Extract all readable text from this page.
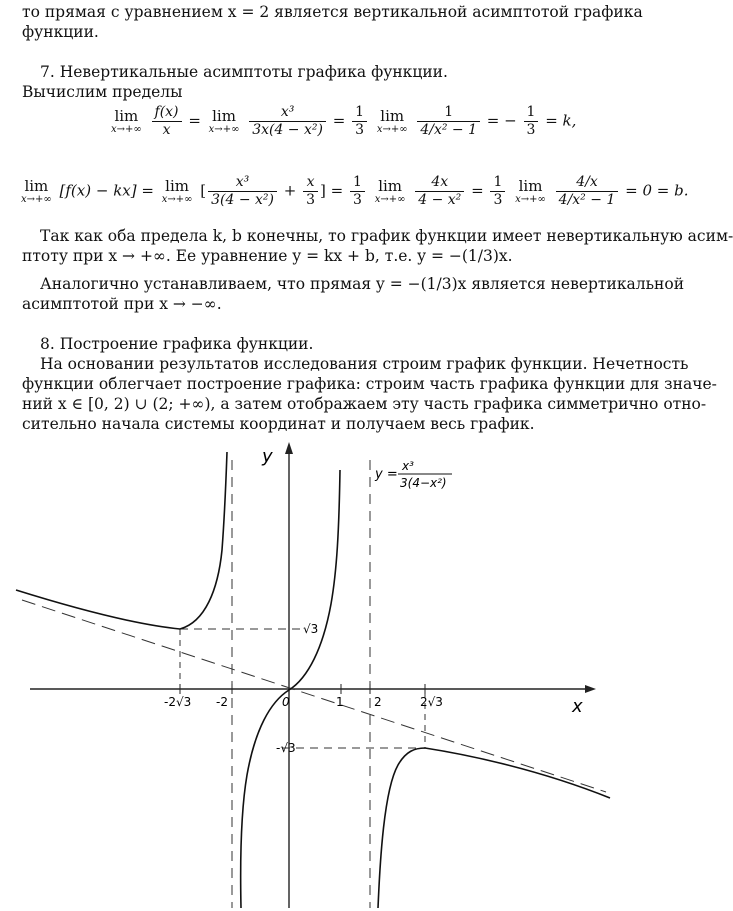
то прямая с уравнением x = 2 является вертикальной асимптотой графика
функции.
7. Невертикальные асимптоты графика функции.
Вычислим пределы
lim
x→+∞
$\frac{f(x)}{x} = \lim$
x→+∞
$\frac{\text{x³}}{\text{3x(4 − x²)}} = \frac{1}{3}$
lim
x→+∞
$\frac{1}{\text{4/x² − 1}}$ = − $\frac{1}{3} = k$,
lim
x→+∞ [f(x) − kx] = lim
x→+∞ [ $\frac{\text{x³}}{\text{3(4 − x²)}} + \frac{x}{3}$ ] = $\frac{1}{3}$
lim
x→+∞
$\frac{4x}{\text{4 − x²}} = \frac{1}{3}$
lim
x→+∞
$\frac{4/x}{\text{4/x² − 1}} = 0 = b$.
Так как оба предела k, b конечны, то график функции имеет невертикальную асим-
птоту при x → +∞. Ее уравнение y = kx + b, т.е. y = −(1/3)x.
Аналогично устанавливаем, что прямая y = −(1/3)x является невертикальной
асимптотой при x → −∞.
8. Построение графика функции.
На основании результатов исследования строим график функции. Нечетность
функции облегчает построение графика: строим часть графика функции для значе-
ний x ∈ [0, 2) ∪ (2; +∞), а затем отображаем эту часть графика симметрично отно-
сительно начала системы координат и получаем весь график.
y
x
y =
x³
3(4−x²)
-2√3 -2	0	1	2	2√3
√3
-√3
